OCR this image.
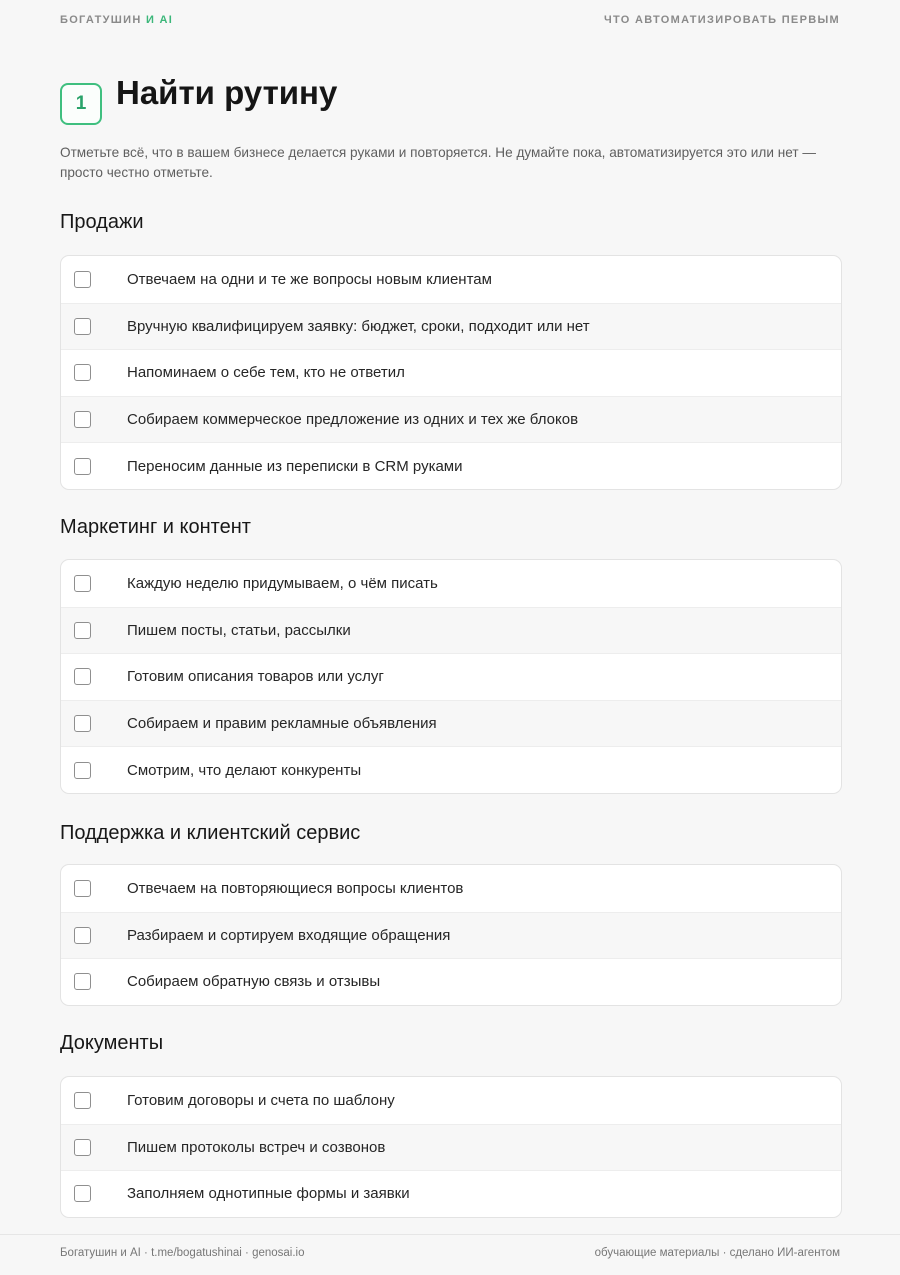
БОГАТУШИН И AI	ЧТО АВТОМАТИЗИРОВАТЬ ПЕРВЫМ
1 Найти рутину

Отметьте всё, что в вашем бизнесе делается руками и повторяется. Не думайте пока, автоматизируется это или нет — просто честно отметьте.

Продажи
Отвечаем на одни и те же вопросы новым клиентам
Вручную квалифицируем заявку: бюджет, сроки, подходит или нет
Напоминаем о себе тем, кто не ответил
Собираем коммерческое предложение из одних и тех же блоков
Переносим данные из переписки в CRM руками
Маркетинг и контент
Каждую неделю придумываем, о чём писать
Пишем посты, статьи, рассылки
Готовим описания товаров или услуг
Собираем и правим рекламные объявления
Смотрим, что делают конкуренты
Поддержка и клиентский сервис
Отвечаем на повторяющиеся вопросы клиентов
Разбираем и сортируем входящие обращения
Собираем обратную связь и отзывы
Документы
Готовим договоры и счета по шаблону
Пишем протоколы встреч и созвонов
Заполняем однотипные формы и заявки
Богатушин и AI · t.me/bogatushinai · genosai.io	обучающие материалы · сделано ИИ-агентом
